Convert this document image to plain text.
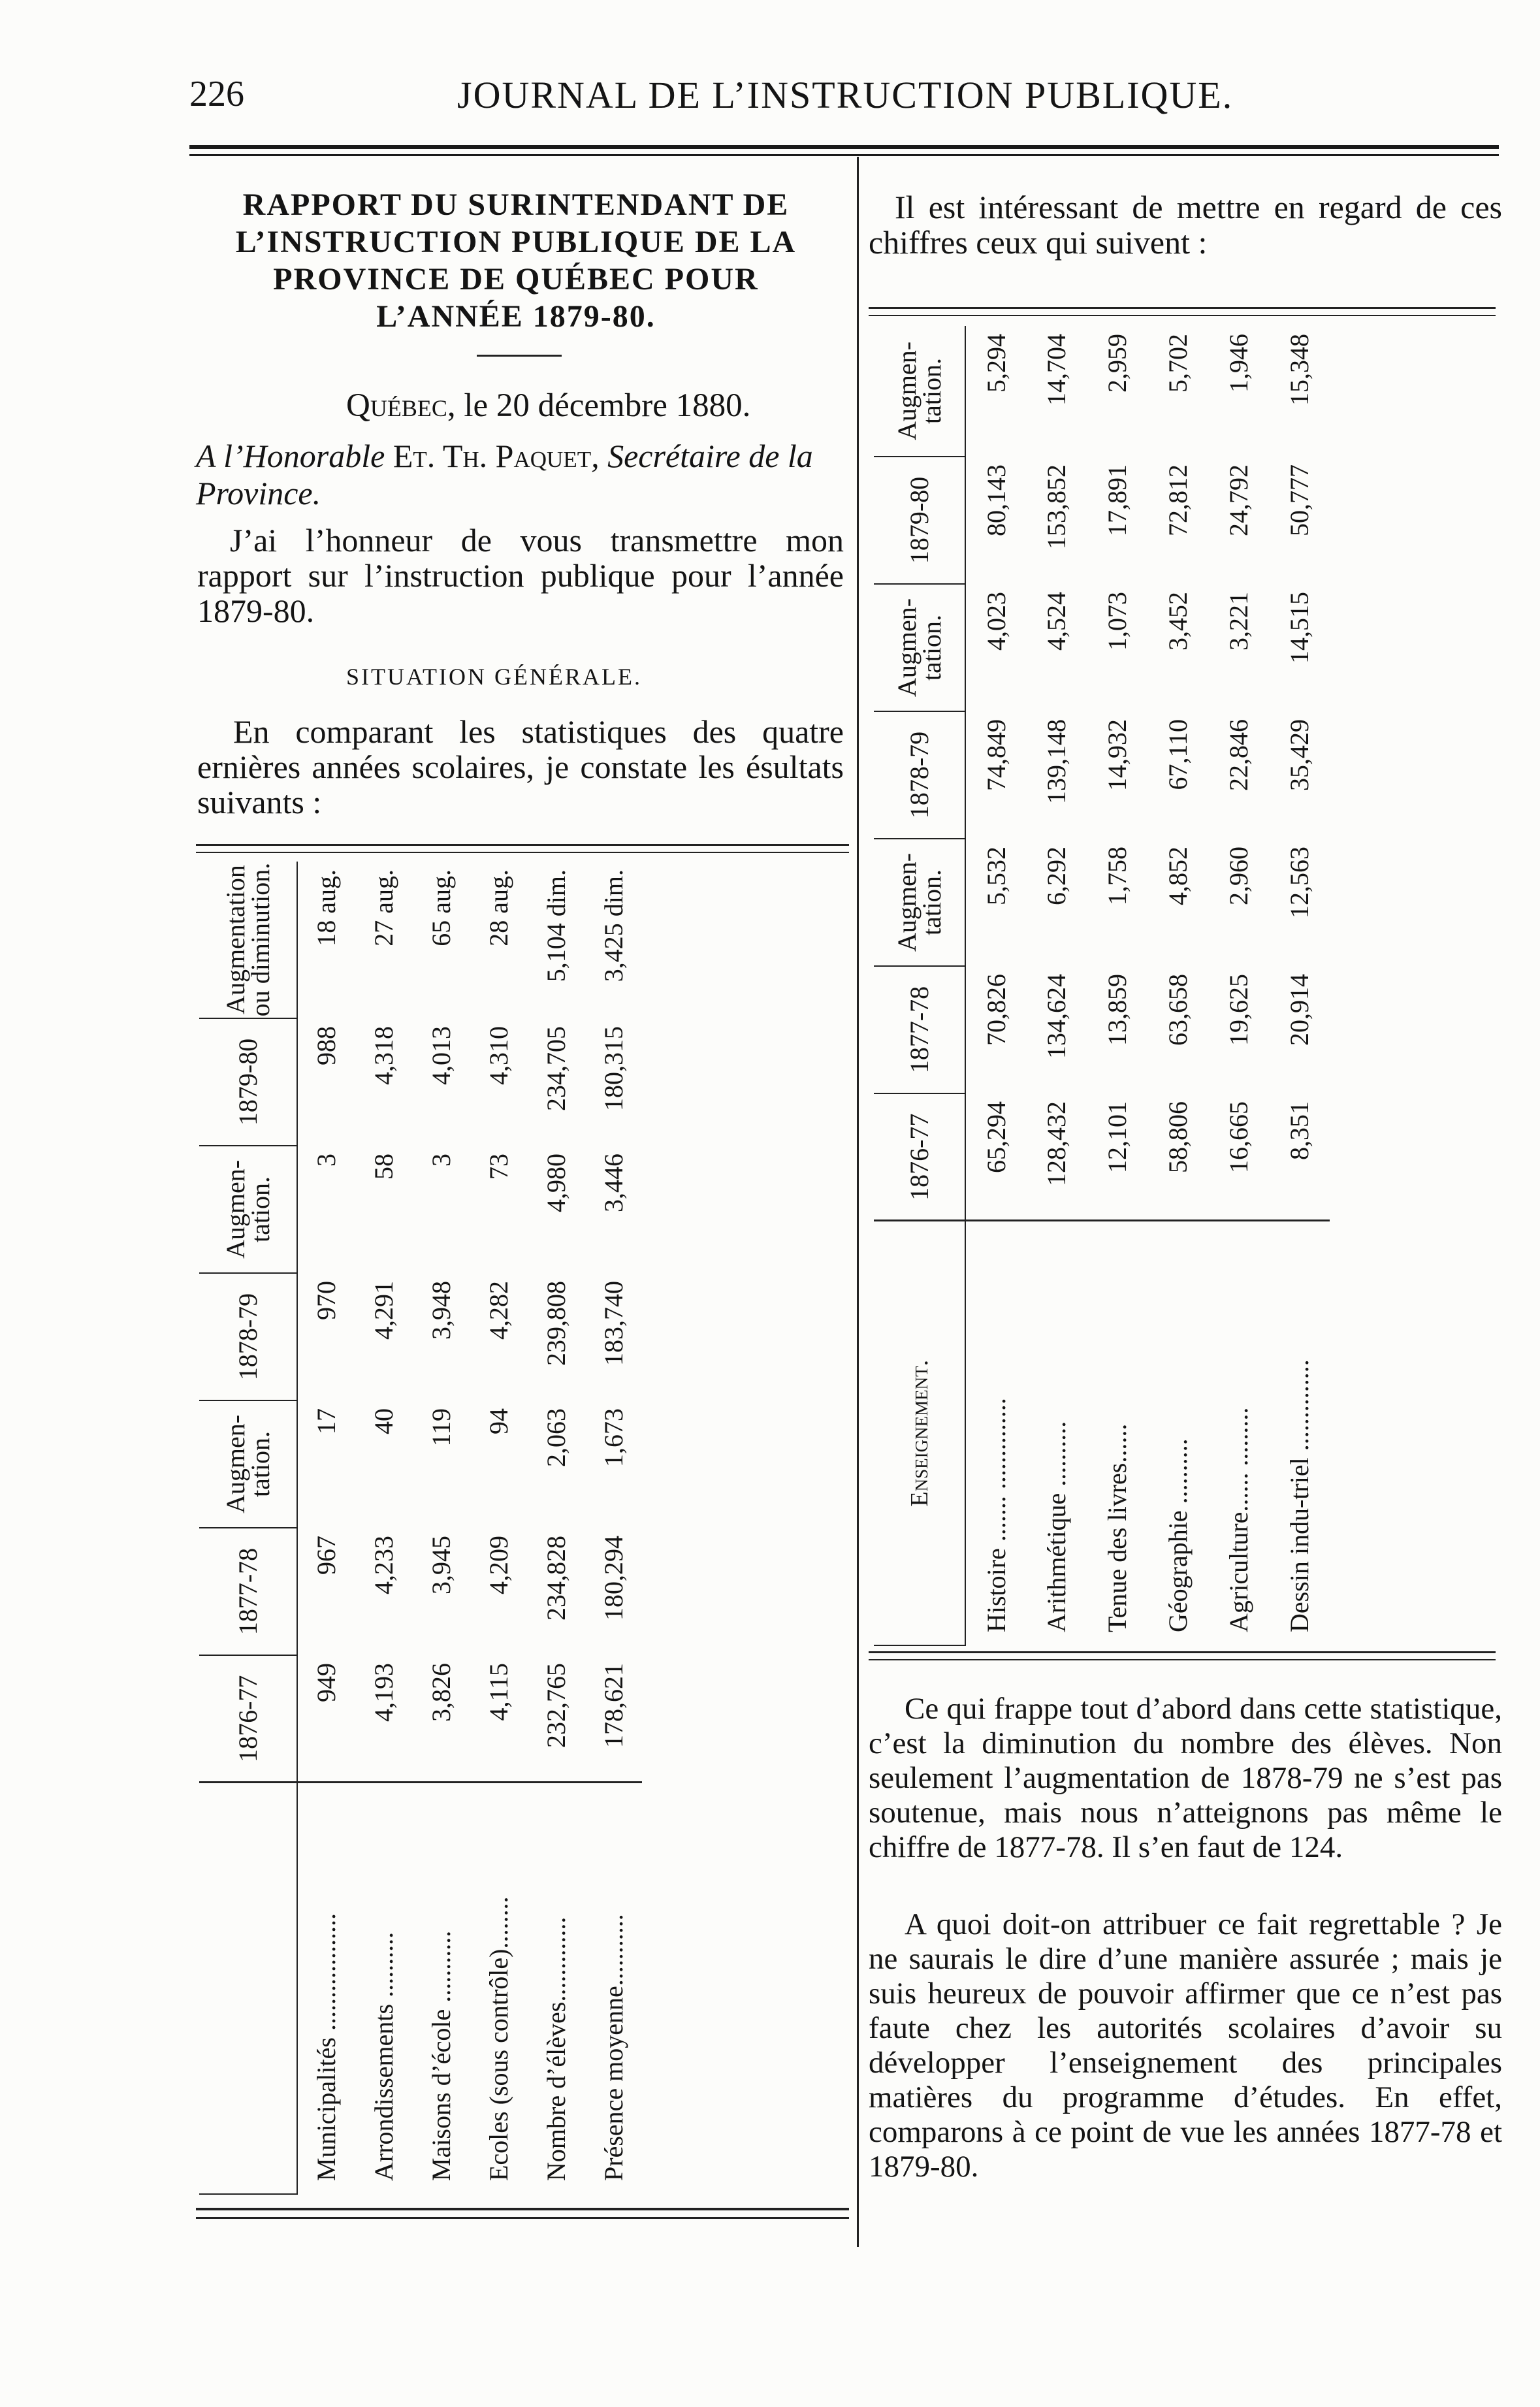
226	JOURNAL DE L’INSTRUCTION PUBLIQUE.
RAPPORT DU SURINTENDANT DE
L’INSTRUCTION PUBLIQUE DE LA
PROVINCE DE QUÉBEC POUR
L’ANNÉE 1879-80.
Québec, le 20 décembre 1880.
A l’Honorable Et. Th. Paquet, Secrétaire de la Province.
J’ai l’honneur de vous transmettre mon rapport sur l’instruction publique pour l’année 1879-80.
SITUATION GÉNÉRALE.
En comparant les statistiques des quatre ernières années scolaires, je constate les ésultats suivants :
	1876-77	1877-78	Augmen-tation.	1878-79	Augmen-tation.	1879-80	Augmentation ou diminution.
Municipalités ..................	949	967	17	970	3	988	18 aug.
Arrondissements ..........	4,193	4,233	40	4,291	58	4,318	27 aug.
Maisons d’école ...........	3,826	3,945	119	3,948	3	4,013	65 aug.
Ecoles (sous contrôle)........	4,115	4,209	94	4,282	73	4,310	28 aug.
Nombre d’élèves.............	232,765	234,828	2,063	239,808	4,980	234,705	5,104 dim.
Présence moyenne...........	178,621	180,294	1,673	183,740	3,446	180,315	3,425 dim.
Il est intéressant de mettre en regard de ces chiffres ceux qui suivent :
Enseignement.	1876-77	1877-78	Augmen-tation.	1878-79	Augmen-tation.	1879-80	Augmen-tation.
Histoire ....... ..............	65,294	70,826	5,532	74,849	4,023	80,143	5,294
Arithmétique ..........	128,432	134,624	6,292	139,148	4,524	153,852	14,704
Tenue des livres......	12,101	13,859	1,758	14,932	1,073	17,891	2,959
Géographie ..........	58,806	63,658	4,852	67,110	3,452	72,812	5,702
Agriculture...... .........	16,665	19,625	2,960	22,846	3,221	24,792	1,946
Dessin indu-triel ..............	8,351	20,914	12,563	35,429	14,515	50,777	15,348
Ce qui frappe tout d’abord dans cette statistique, c’est la diminution du nombre des élèves. Non seulement l’augmentation de 1878-79 ne s’est pas soutenue, mais nous n’atteignons pas même le chiffre de 1877-78. Il s’en faut de 124.
A quoi doit-on attribuer ce fait regrettable ? Je ne saurais le dire d’une manière assurée ; mais je suis heureux de pouvoir affirmer que ce n’est pas faute chez les autorités scolaires d’avoir su développer l’enseignement des principales matières du programme d’études. En effet, comparons à ce point de vue les années 1877-78 et 1879-80.
